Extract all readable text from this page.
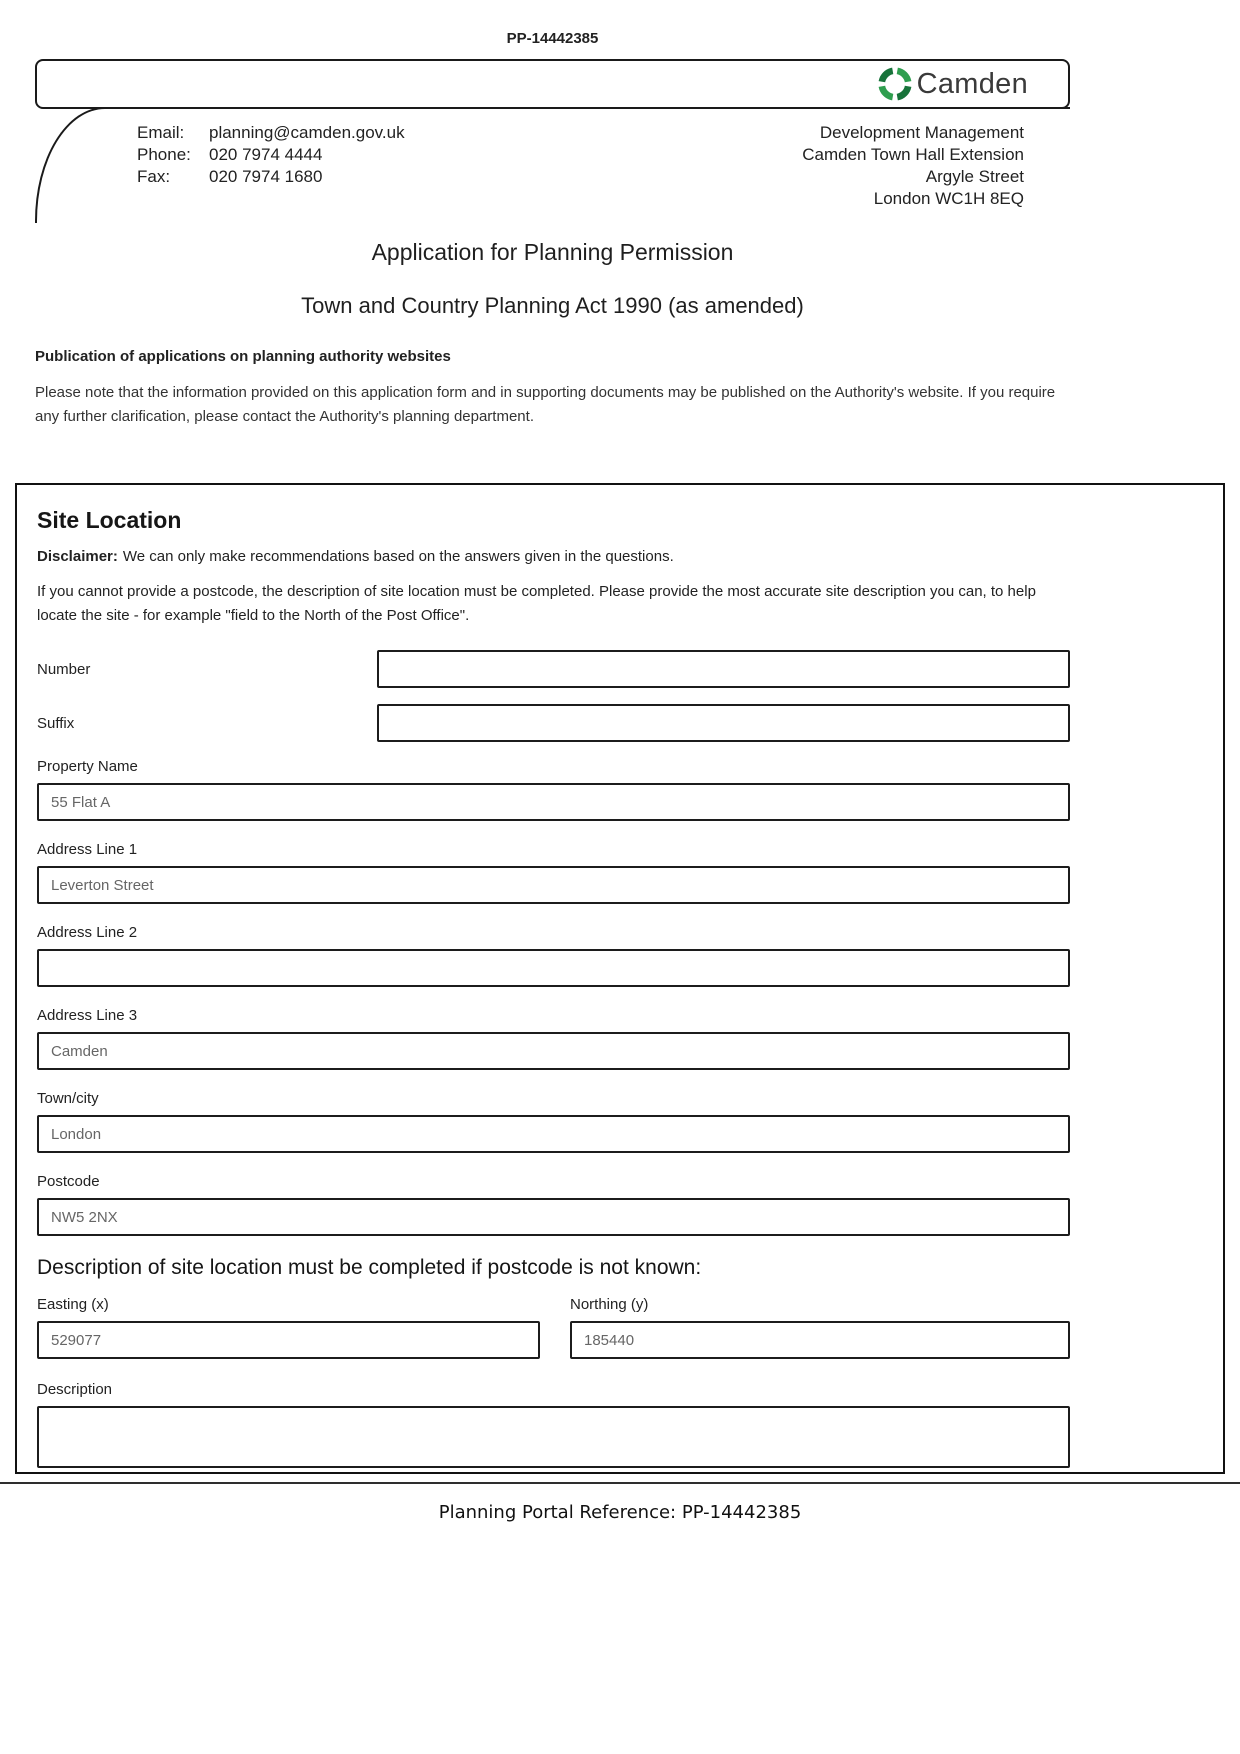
PP-14442385
Camden
Email: planning@camden.gov.uk
Phone: 020 7974 4444
Fax: 020 7974 1680
Development Management
Camden Town Hall Extension
Argyle Street
London WC1H 8EQ
Application for Planning Permission
Town and Country Planning Act 1990 (as amended)
Publication of applications on planning authority websites
Please note that the information provided on this application form and in supporting documents may be published on the Authority's website. If you require any further clarification, please contact the Authority's planning department.
Site Location
Disclaimer: We can only make recommendations based on the answers given in the questions.
If you cannot provide a postcode, the description of site location must be completed. Please provide the most accurate site description you can, to help locate the site - for example "field to the North of the Post Office".
Number
Suffix
Property Name
55 Flat A
Address Line 1
Leverton Street
Address Line 2
Address Line 3
Camden
Town/city
London
Postcode
NW5 2NX
Description of site location must be completed if postcode is not known:
Easting (x)
529077	Northing (y)
185440
Description
Planning Portal Reference: PP-14442385
